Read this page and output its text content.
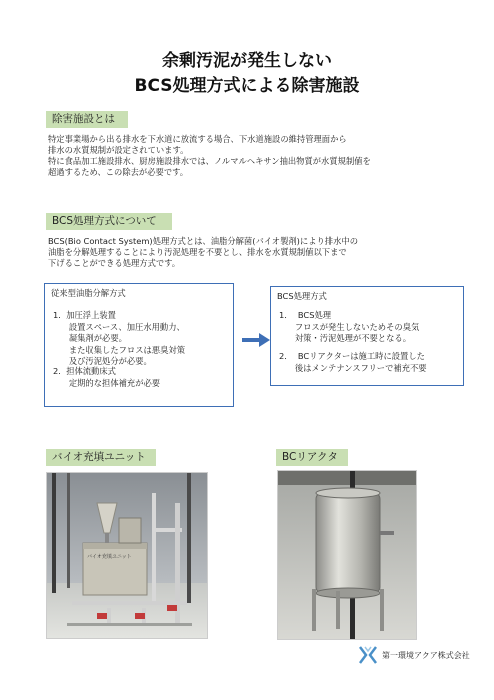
余剰汚泥が発生しない
BCS処理方式による除害施設
除害施設とは

特定事業場から出る排水を下水道に放流する場合、下水道施設の維持管理面から

排水の水質規制が設定されています。

特に食品加工施設排水、厨房施設排水では、ノルマルヘキサン抽出物質が水質規制値を

超過するため、この除去が必要です。

BCS処理方式について

BCS(Bio Contact System)処理方式とは、油脂分解菌(バイオ製剤)により排水中の

油脂を分解処理することにより汚泥処理を不要とし、排水を水質規制値以下まで

下げることができる処理方式です。

従来型油脂分解方式
1.  加圧浮上装置
設置スペース、加圧水用動力、
凝集剤が必要。
また収集したフロスは悪臭対策
及び汚泥処分が必要。
2.  担体流動床式
定期的な担体補充が必要
BCS処理方式
1．  BCS処理
フロスが発生しないためその臭気
対策・汚泥処理が不要となる。
2．  BCリアクターは施工時に設置した
後はメンテナンスフリーで補充不要
バイオ充填ユニット	BCリアクタ
バイオ充填ユニット
第一環境アクア株式会社
